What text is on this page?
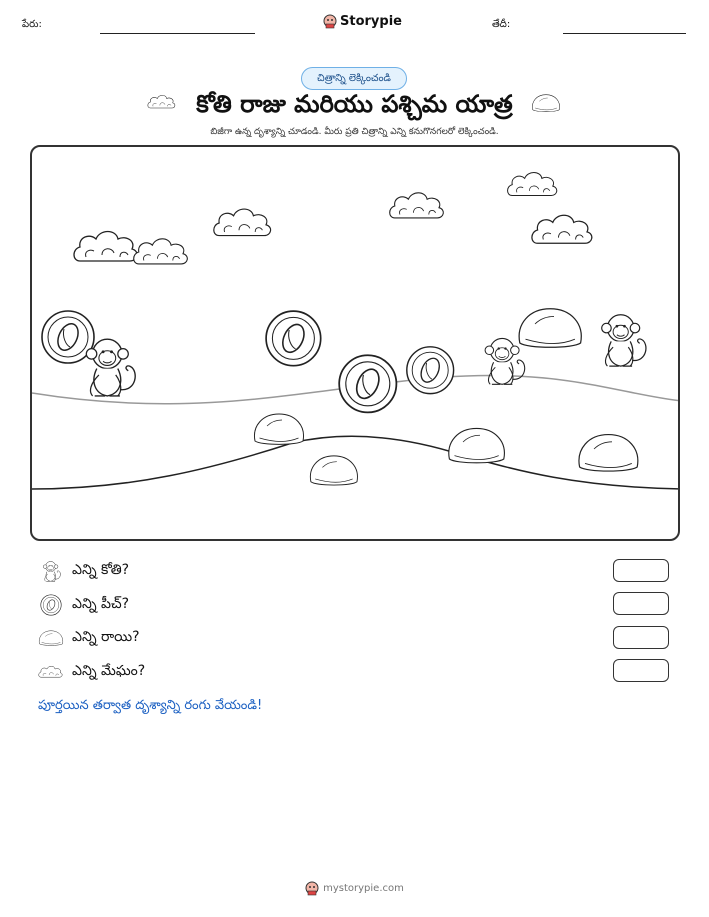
పేరు:	Storypie	తేదీ:
చిత్రాన్ని లెక్కించండి
కోతి రాజు మరియు పశ్చిమ యాత్ర
బిజీగా ఉన్న దృశ్యాన్ని చూడండి. మీరు ప్రతి చిత్రాన్ని ఎన్ని కనుగొనగలరో లెక్కించండి.
ఎన్ని కోతి?
ఎన్ని పీచ్?
ఎన్ని రాయి?
ఎన్ని మేఘం?
పూర్తయిన తర్వాత దృశ్యాన్ని రంగు వేయండి!
mystorypie.com
